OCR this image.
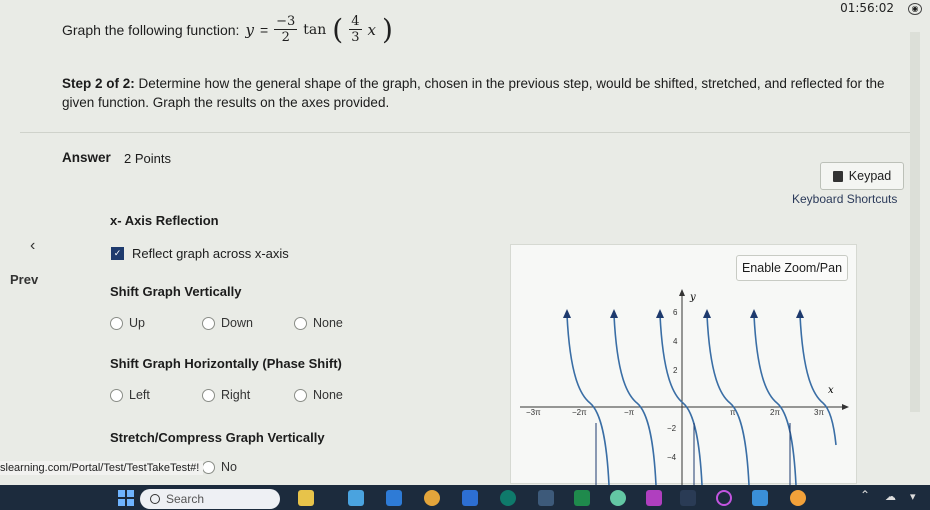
01:56:02	◉
Graph the following function: $y = \frac{-3}{2}$ tan ( $\frac{4}{3}$ x )
Step 2 of 2: Determine how the general shape of the graph, chosen in the previous step, would be shifted, stretched, and reflected for the given function. Graph the results on the axes provided.
Answer 2 Points
Keypad
Keyboard Shortcuts
‹
Prev
x- Axis Reflection
✓ Reflect graph across x-axis
Shift Graph Vertically
Up	Down	None
Shift Graph Horizontally (Phase Shift)
Left	Right	None
Stretch/Compress Graph Vertically
No
Enable Zoom/Pan
y
x
6
4
2
−2
−4
−3π	−2π	−π	π	2π	3π
slearning.com/Portal/Test/TestTakeTest#!
Search	⌃ ☁ ▾
